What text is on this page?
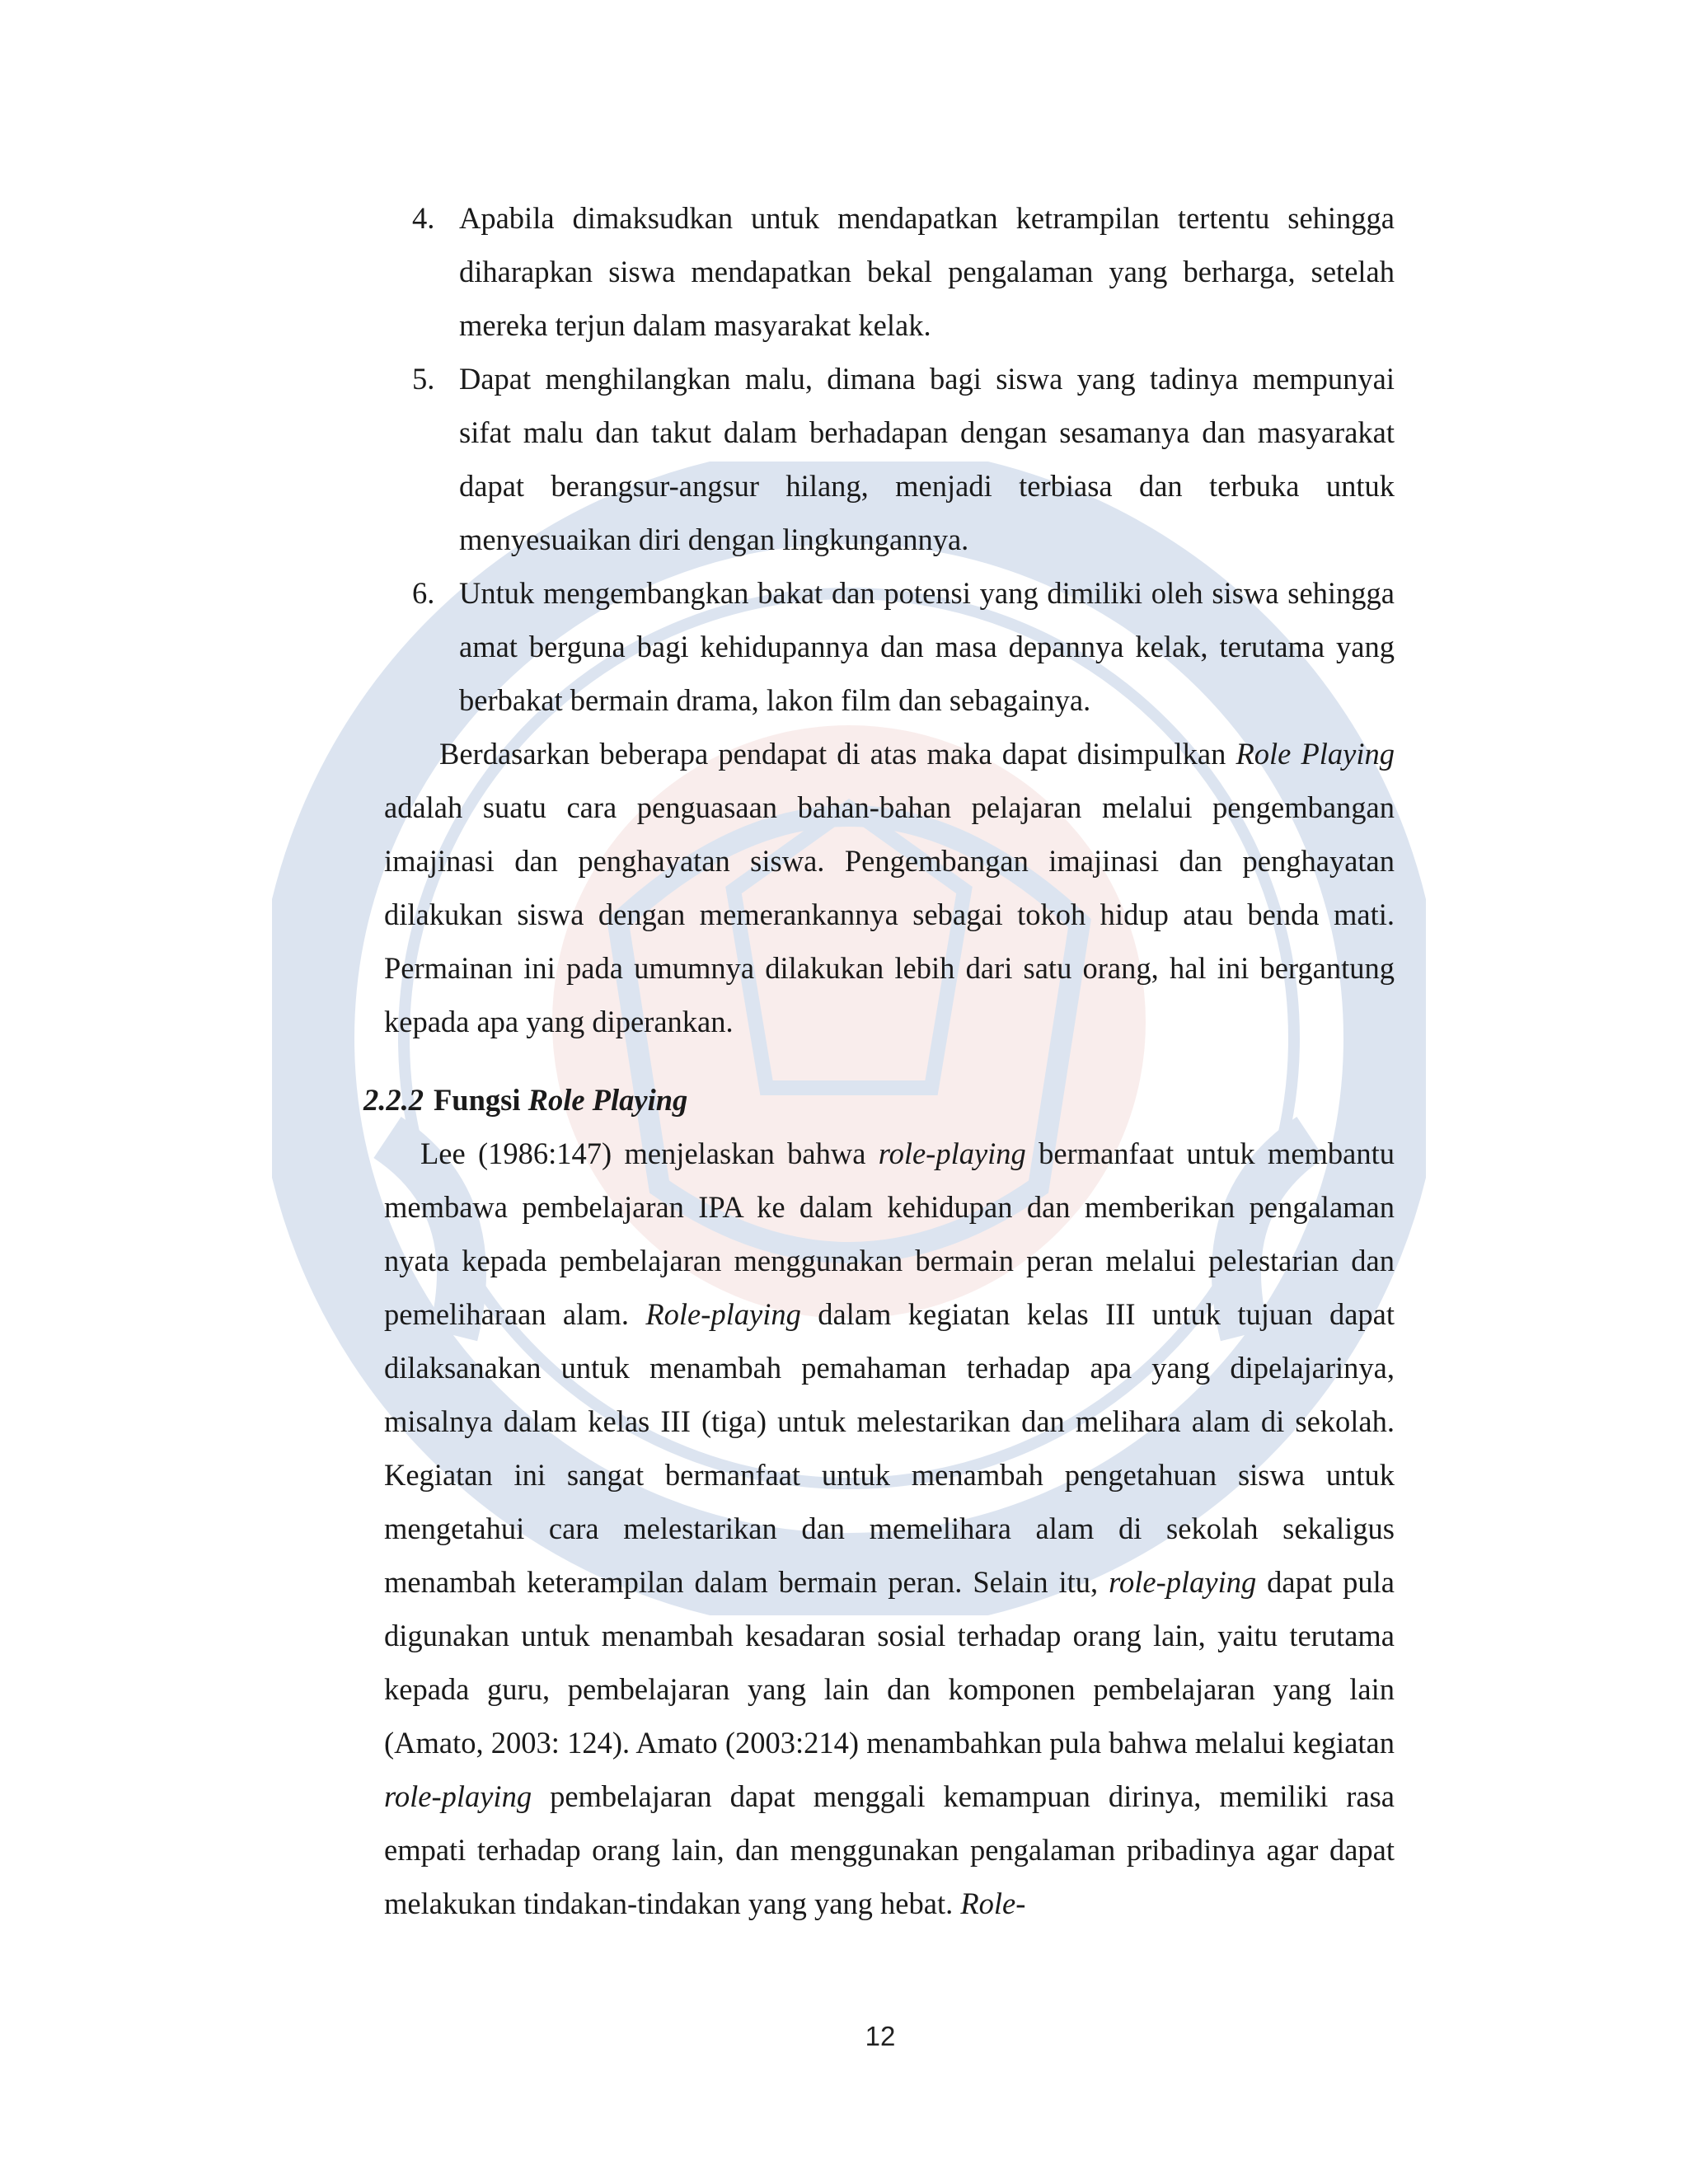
4. Apabila dimaksudkan untuk mendapatkan ketrampilan tertentu sehingga diharapkan siswa mendapatkan bekal pengalaman yang berharga, setelah mereka terjun dalam masyarakat kelak.
5. Dapat menghilangkan malu, dimana bagi siswa yang tadinya mempunyai sifat malu dan takut dalam berhadapan dengan sesamanya dan masyarakat dapat berangsur-angsur hilang, menjadi terbiasa dan terbuka untuk menyesuaikan diri dengan lingkungannya.
6. Untuk mengembangkan bakat dan potensi yang dimiliki oleh siswa sehingga amat berguna bagi kehidupannya dan masa depannya kelak, terutama yang berbakat bermain drama, lakon film dan sebagainya.

Berdasarkan beberapa pendapat di atas maka dapat disimpulkan Role Playing adalah suatu cara penguasaan bahan-bahan pelajaran melalui pengembangan imajinasi dan penghayatan siswa. Pengembangan imajinasi dan penghayatan dilakukan siswa dengan memerankannya sebagai tokoh hidup atau benda mati. Permainan ini pada umumnya dilakukan lebih dari satu orang, hal ini bergantung kepada apa yang diperankan.

2.2.2 Fungsi Role Playing

Lee (1986:147) menjelaskan bahwa role-playing bermanfaat untuk membantu membawa pembelajaran IPA ke dalam kehidupan dan memberikan pengalaman nyata kepada pembelajaran menggunakan bermain peran melalui pelestarian dan pemeliharaan alam. Role-playing dalam kegiatan kelas III untuk tujuan dapat dilaksanakan untuk menambah pemahaman terhadap apa yang dipelajarinya, misalnya dalam kelas III (tiga) untuk melestarikan dan melihara alam di sekolah. Kegiatan ini sangat bermanfaat untuk menambah pengetahuan siswa untuk mengetahui cara melestarikan dan memelihara alam di sekolah sekaligus menambah keterampilan dalam bermain peran. Selain itu, role-playing dapat pula digunakan untuk menambah kesadaran sosial terhadap orang lain, yaitu terutama kepada guru, pembelajaran yang lain dan komponen pembelajaran yang lain (Amato, 2003: 124). Amato (2003:214) menambahkan pula bahwa melalui kegiatan role-playing pembelajaran dapat menggali kemampuan dirinya, memiliki rasa empati terhadap orang lain, dan menggunakan pengalaman pribadinya agar dapat melakukan tindakan-tindakan yang yang hebat. Role-

12
